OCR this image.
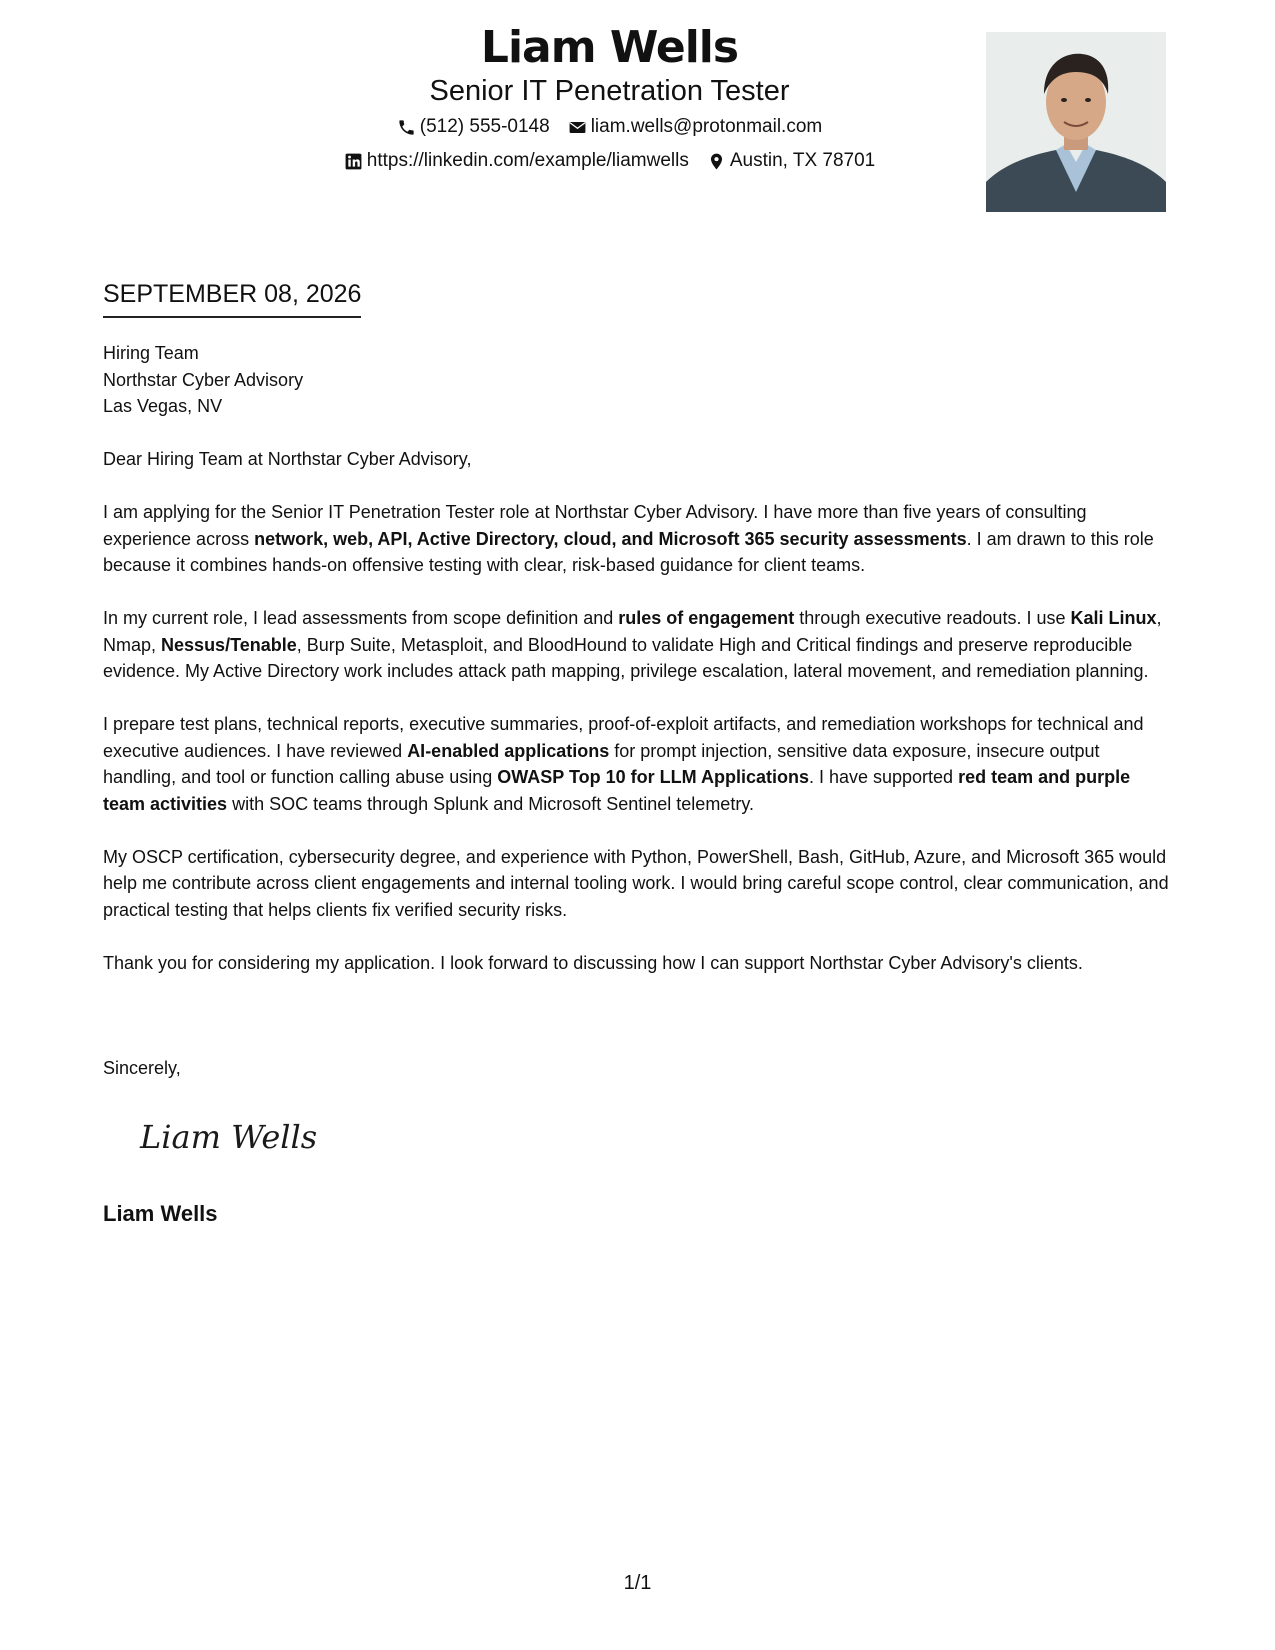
Liam Wells
Senior IT Penetration Tester
(512) 555-0148 liam.wells@protonmail.com
https://linkedin.com/example/liamwells Austin, TX 78701
SEPTEMBER 08, 2026
Hiring Team
Northstar Cyber Advisory
Las Vegas, NV
Dear Hiring Team at Northstar Cyber Advisory,

I am applying for the Senior IT Penetration Tester role at Northstar Cyber Advisory. I have more than five years of consulting experience across network, web, API, Active Directory, cloud, and Microsoft 365 security assessments. I am drawn to this role because it combines hands-on offensive testing with clear, risk-based guidance for client teams.

In my current role, I lead assessments from scope definition and rules of engagement through executive readouts. I use Kali Linux, Nmap, Nessus/Tenable, Burp Suite, Metasploit, and BloodHound to validate High and Critical findings and preserve reproducible evidence. My Active Directory work includes attack path mapping, privilege escalation, lateral movement, and remediation planning.

I prepare test plans, technical reports, executive summaries, proof-of-exploit artifacts, and remediation workshops for technical and executive audiences. I have reviewed AI-enabled applications for prompt injection, sensitive data exposure, insecure output handling, and tool or function calling abuse using OWASP Top 10 for LLM Applications. I have supported red team and purple team activities with SOC teams through Splunk and Microsoft Sentinel telemetry.

My OSCP certification, cybersecurity degree, and experience with Python, PowerShell, Bash, GitHub, Azure, and Microsoft 365 would help me contribute across client engagements and internal tooling work. I would bring careful scope control, clear communication, and practical testing that helps clients fix verified security risks.

Thank you for considering my application. I look forward to discussing how I can support Northstar Cyber Advisory's clients.

Sincerely,
Liam Wells
Liam Wells
1/1
